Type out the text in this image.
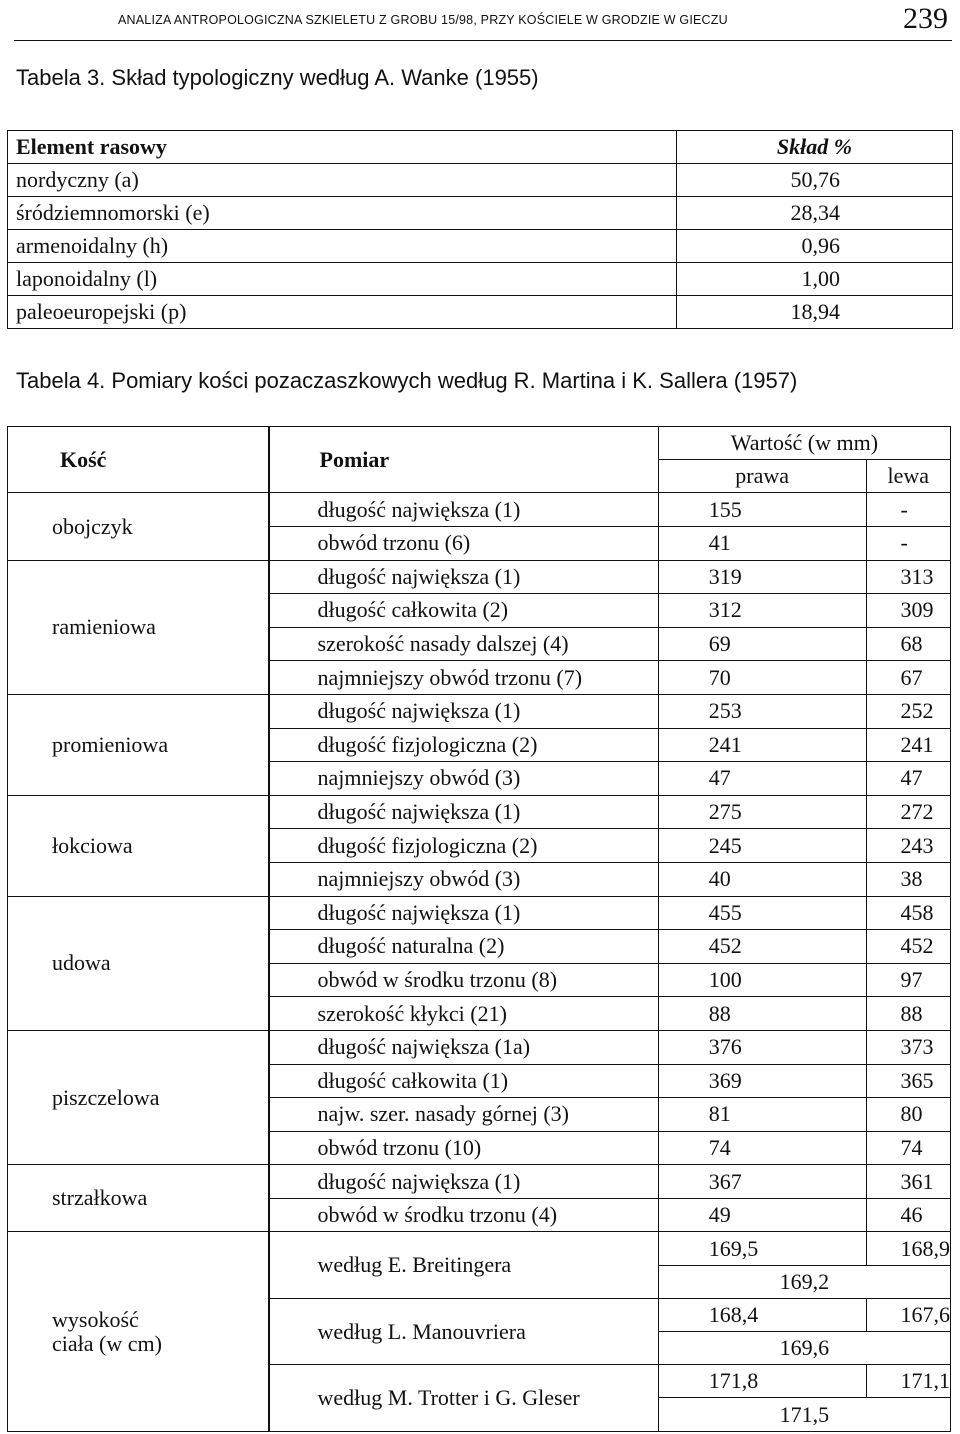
ANALIZA ANTROPOLOGICZNA SZKIELETU Z GROBU 15/98, PRZY KOŚCIELE W GRODZIE W GIECZU	239
Tabela 3. Skład typologiczny według A. Wanke (1955)
Element rasowy	Skład %
nordyczny (a)	50,76
śródziemnomorski (e)	28,34
armenoidalny (h)	0,96
laponoidalny (l)	1,00
paleoeuropejski (p)	18,94
Tabela 4. Pomiary kości pozaczaszkowych według R. Martina i K. Sallera (1957)
Kość	Pomiar	Wartość (w mm)	
		prawa	lewa
obojczyk	długość największa (1)	155	-
	obwód trzonu (6)	41	-
ramieniowa	długość największa (1)	319	313
	długość całkowita (2)	312	309
	szerokość nasady dalszej (4)	69	68
	najmniejszy obwód trzonu (7)	70	67
promieniowa	długość największa (1)	253	252
	długość fizjologiczna (2)	241	241
	najmniejszy obwód (3)	47	47
łokciowa	długość największa (1)	275	272
	długość fizjologiczna (2)	245	243
	najmniejszy obwód (3)	40	38
udowa	długość największa (1)	455	458
	długość naturalna (2)	452	452
	obwód w środku trzonu (8)	100	97
	szerokość kłykci (21)	88	88
piszczelowa	długość największa (1a)	376	373
	długość całkowita (1)	369	365
	najw. szer. nasady górnej (3)	81	80
	obwód trzonu (10)	74	74
strzałkowa	długość największa (1)	367	361
	obwód w środku trzonu (4)	49	46

wysokość
ciała (w cm)	według E. Breitingera	169,5	168,9
		169,2	
	według L. Manouvriera	168,4	167,6
		169,6	
	według M. Trotter i G. Gleser	171,8	171,1
		171,5	
